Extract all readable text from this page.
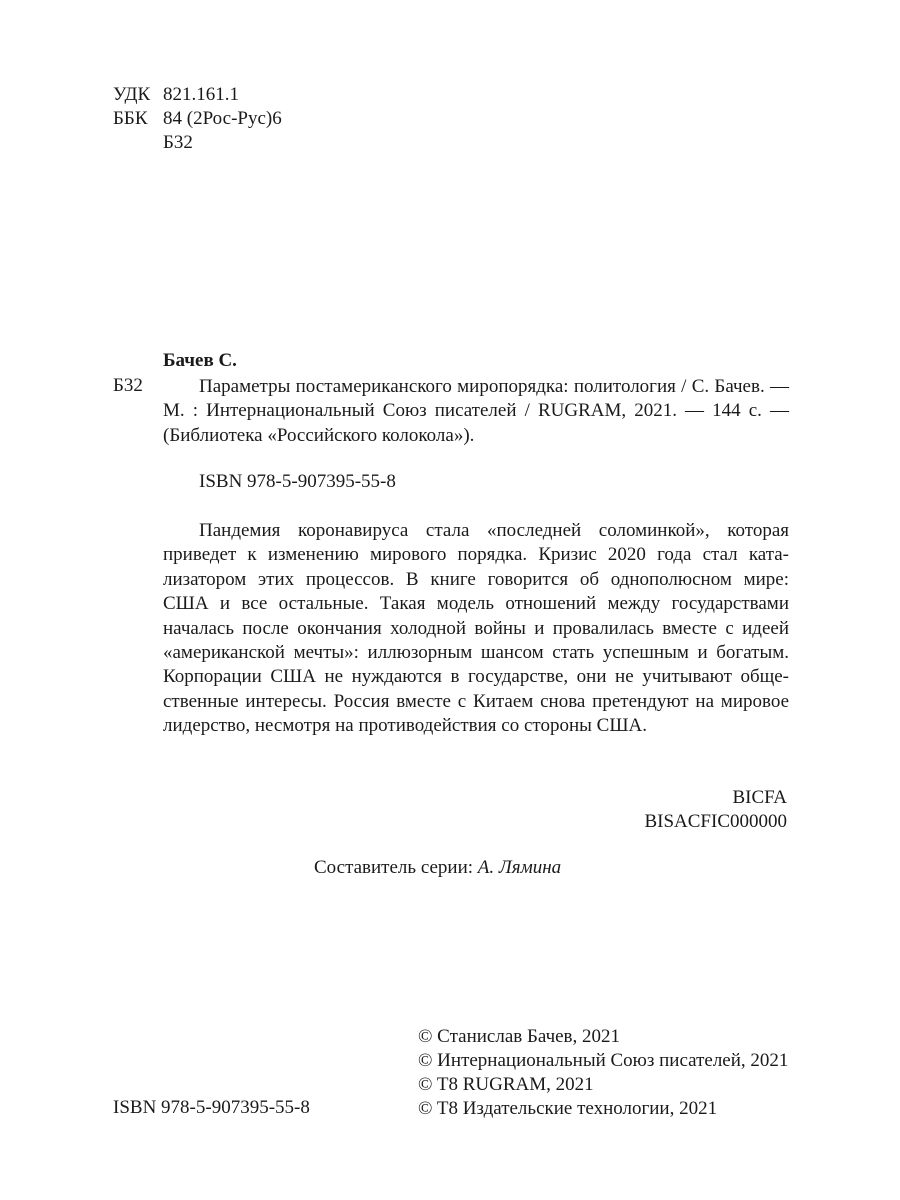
УДК 821.161.1
ББК 84 (2Рос-Рус)6
Б32
Бачев С.
Б32	Параметры постамериканского миропорядка: политология / С. Бачев. —
М. : Интернациональный Союз писателей / RUGRAM, 2021. — 144 с. —
(Библиотека «Российского колокола»).
ISBN 978-5-907395-55-8
Пандемия коронавируса стала «последней соломинкой», которая
приведет к изменению мирового порядка. Кризис 2020 года стал ката-
лизатором этих процессов. В книге говорится об однополюсном мире:
США и все остальные. Такая модель отношений между государствами
началась после окончания холодной войны и провалилась вместе с идеей
«американской мечты»: иллюзорным шансом стать успешным и богатым.
Корпорации США не нуждаются в государстве, они не учитывают обще-
ственные интересы. Россия вместе с Китаем снова претендуют на мировое
лидерство, несмотря на противодействия со стороны США.
BICFA
BISACFIC000000
Составитель серии: А. Лямина
© Станислав Бачев, 2021
© Интернациональный Союз писателей, 2021
© T8 RUGRAM, 2021
© T8 Издательские технологии, 2021
ISBN 978-5-907395-55-8
